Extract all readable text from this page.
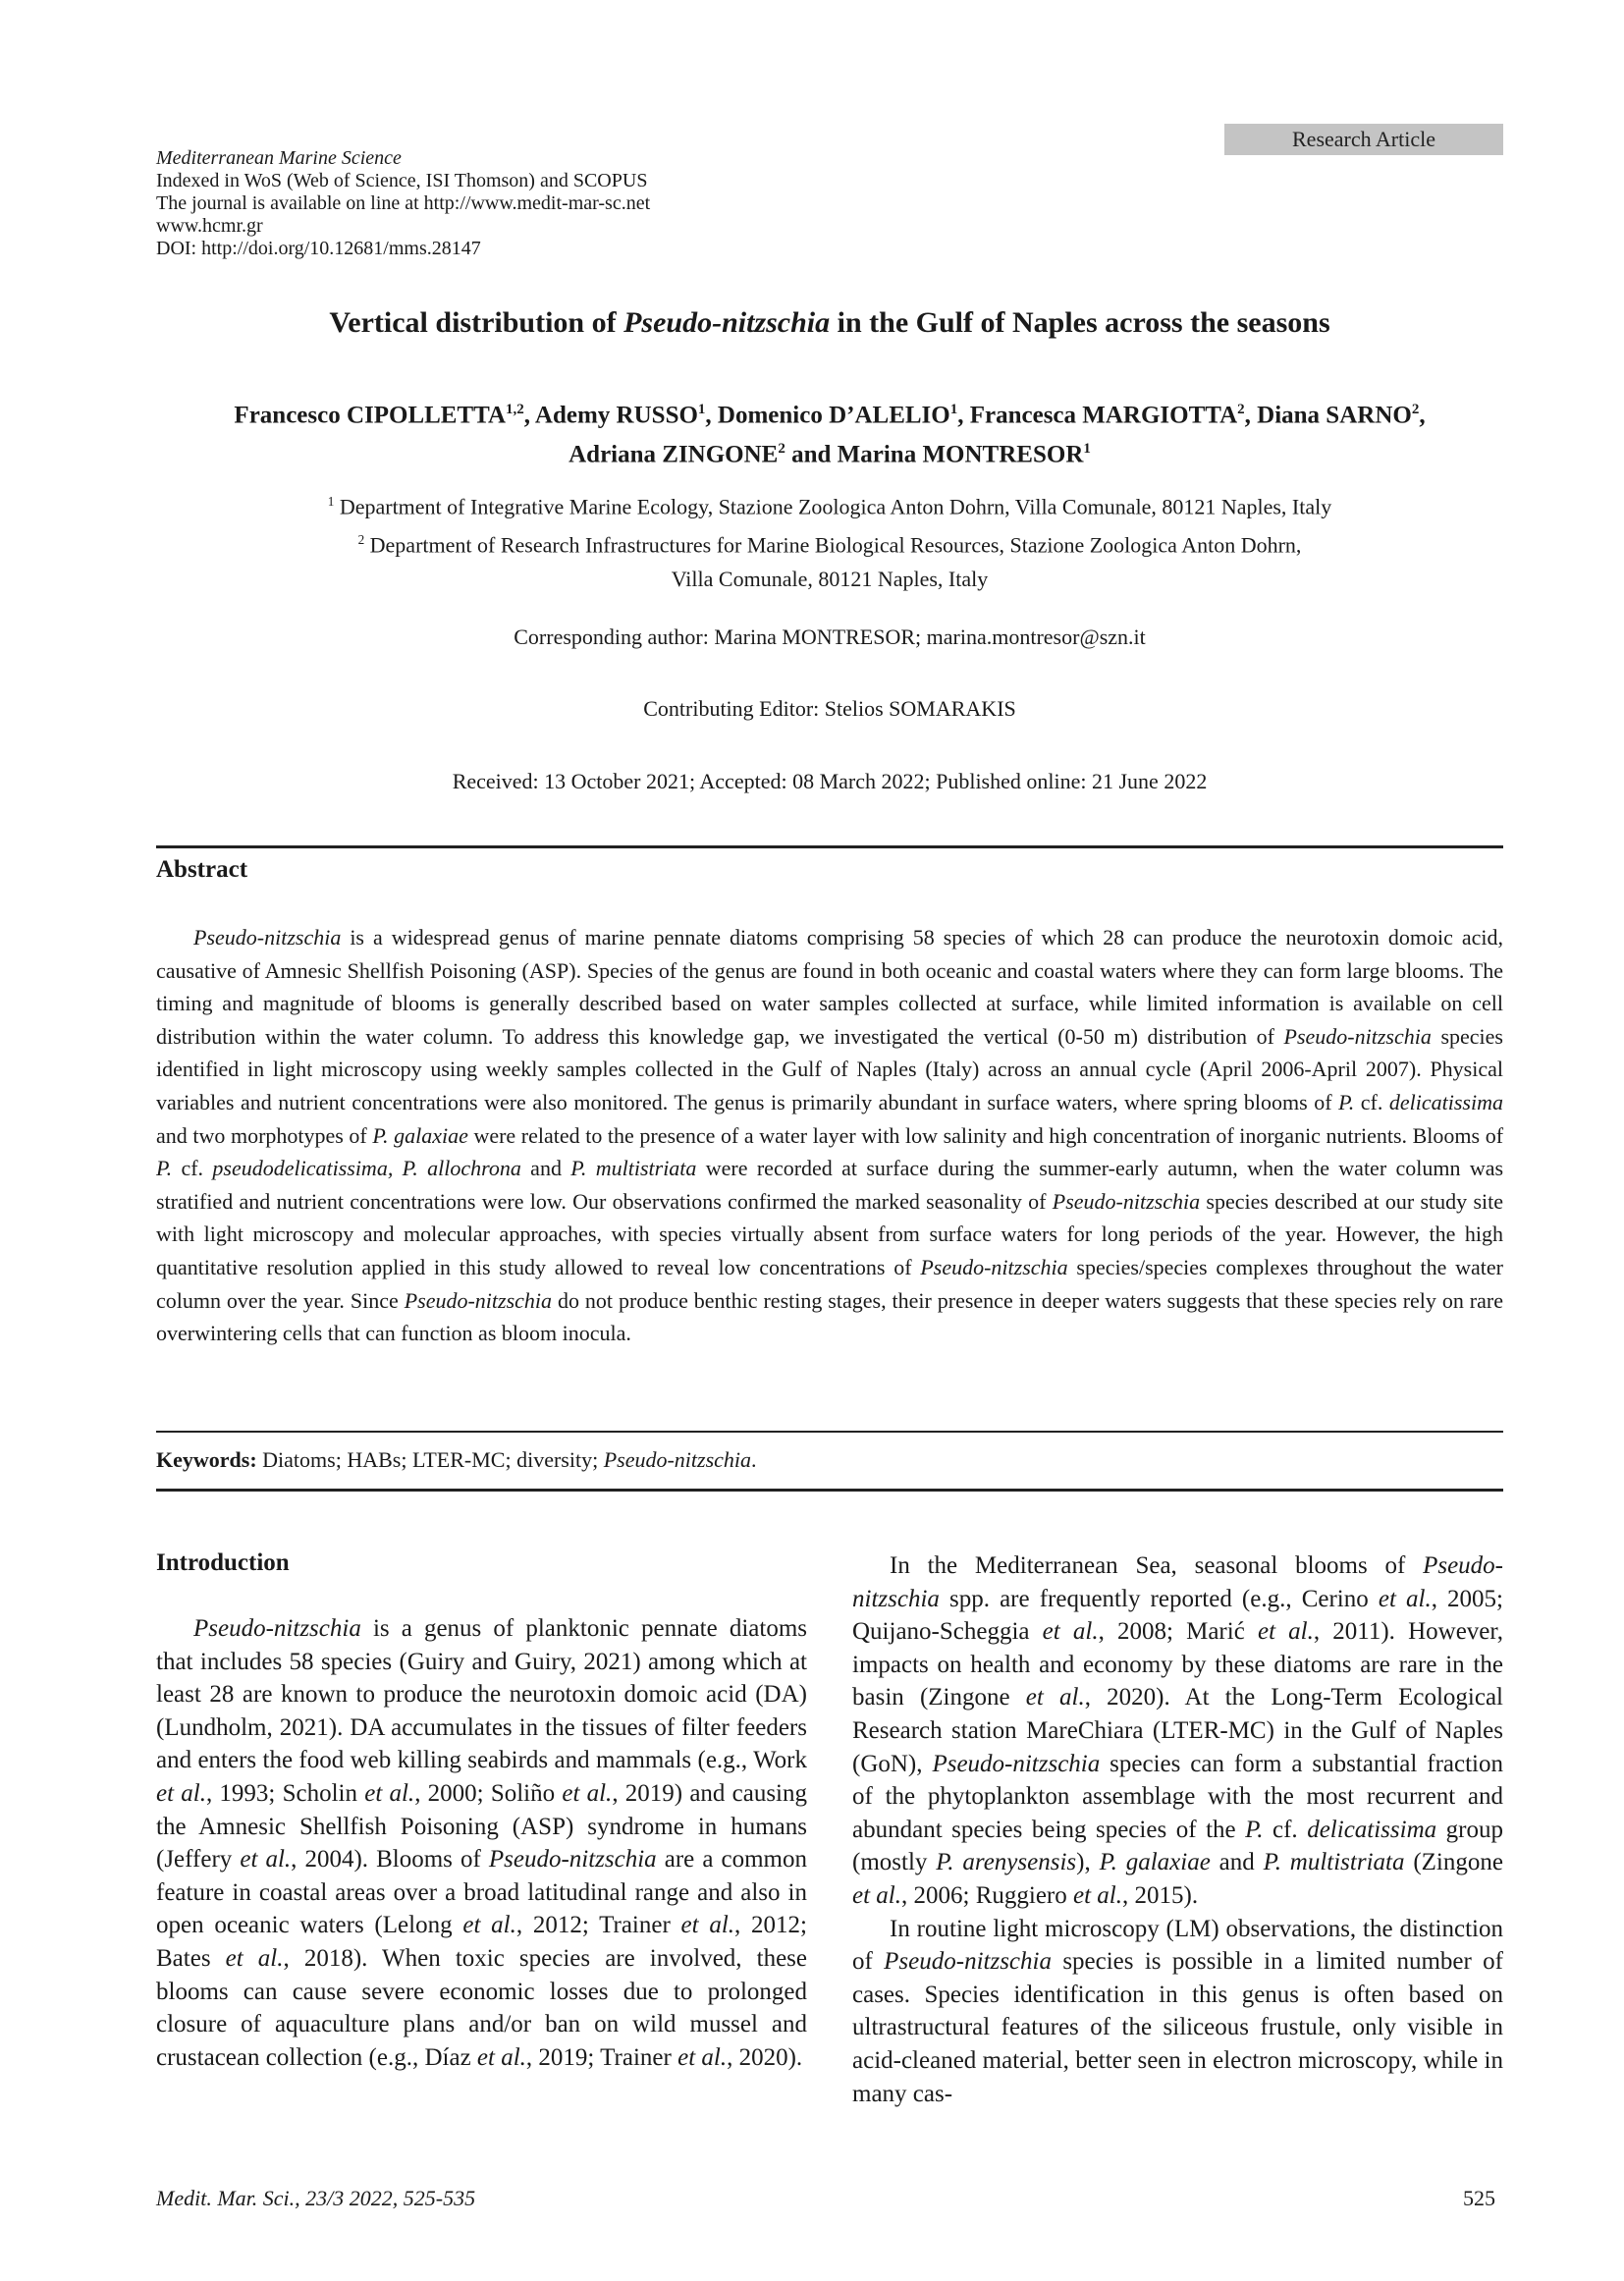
Research Article
Mediterranean Marine Science
Indexed in WoS (Web of Science, ISI Thomson) and SCOPUS
The journal is available on line at http://www.medit-mar-sc.net
www.hcmr.gr
DOI: http://doi.org/10.12681/mms.28147
Vertical distribution of Pseudo-nitzschia in the Gulf of Naples across the seasons
Francesco CIPOLLETTA$^{1,2}$, Ademy RUSSO$^1$, Domenico D’ALELIO$^1$, Francesca MARGIOTTA$^2$, Diana SARNO$^2$,
Adriana ZINGONE$^2$ and Marina MONTRESOR$^1$
$^1$ Department of Integrative Marine Ecology, Stazione Zoologica Anton Dohrn, Villa Comunale, 80121 Naples, Italy
$^2$ Department of Research Infrastructures for Marine Biological Resources, Stazione Zoologica Anton Dohrn,
Villa Comunale, 80121 Naples, Italy
Corresponding author: Marina MONTRESOR; marina.montresor@szn.it
Contributing Editor: Stelios SOMARAKIS
Received: 13 October 2021; Accepted: 08 March 2022; Published online: 21 June 2022
Abstract
Pseudo-nitzschia is a widespread genus of marine pennate diatoms comprising 58 species of which 28 can produce the neurotoxin domoic acid, causative of Amnesic Shellfish Poisoning (ASP). Species of the genus are found in both oceanic and coastal waters where they can form large blooms. The timing and magnitude of blooms is generally described based on water samples collected at surface, while limited information is available on cell distribution within the water column. To address this knowledge gap, we investigated the vertical (0-50 m) distribution of Pseudo-nitzschia species identified in light microscopy using weekly samples collected in the Gulf of Naples (Italy) across an annual cycle (April 2006-April 2007). Physical variables and nutrient concentrations were also monitored. The genus is primarily abundant in surface waters, where spring blooms of P. cf. delicatissima and two morphotypes of P. galaxiae were related to the presence of a water layer with low salinity and high concentration of inorganic nutrients. Blooms of P. cf. pseudodelicatissima, P. allochrona and P. multistriata were recorded at surface during the summer-early autumn, when the water column was stratified and nutrient concentrations were low. Our observations confirmed the marked seasonality of Pseudo-nitzschia species described at our study site with light microscopy and molecular approaches, with species virtually absent from surface waters for long periods of the year. However, the high quantitative resolution applied in this study allowed to reveal low concentrations of Pseudo-nitzschia species/species complexes throughout the water column over the year. Since Pseudo-nitzschia do not produce benthic resting stages, their presence in deeper waters suggests that these species rely on rare overwintering cells that can function as bloom inocula.
Keywords: Diatoms; HABs; LTER-MC; diversity; Pseudo-nitzschia.
Introduction

Pseudo-nitzschia is a genus of planktonic pennate diatoms that includes 58 species (Guiry and Guiry, 2021) among which at least 28 are known to produce the neurotoxin domoic acid (DA) (Lundholm, 2021). DA accumulates in the tissues of filter feeders and enters the food web killing seabirds and mammals (e.g., Work et al., 1993; Scholin et al., 2000; Soliño et al., 2019) and causing the Amnesic Shellfish Poisoning (ASP) syndrome in humans (Jeffery et al., 2004). Blooms of Pseudo-nitzschia are a common feature in coastal areas over a broad latitudinal range and also in open oceanic waters (Lelong et al., 2012; Trainer et al., 2012; Bates et al., 2018). When toxic species are involved, these blooms can cause severe economic losses due to prolonged closure of aquaculture plans and/or ban on wild mussel and crustacean collection (e.g., Díaz et al., 2019; Trainer et al., 2020).

In the Mediterranean Sea, seasonal blooms of Pseudo-nitzschia spp. are frequently reported (e.g., Cerino et al., 2005; Quijano-Scheggia et al., 2008; Marić et al., 2011). However, impacts on health and economy by these diatoms are rare in the basin (Zingone et al., 2020). At the Long-Term Ecological Research station MareChiara (LTER-MC) in the Gulf of Naples (GoN), Pseudo-nitzschia species can form a substantial fraction of the phytoplankton assemblage with the most recurrent and abundant species being species of the P. cf. delicatissima group (mostly P. arenysensis), P. galaxiae and P. multistriata (Zingone et al., 2006; Ruggiero et al., 2015).

In routine light microscopy (LM) observations, the distinction of Pseudo-nitzschia species is possible in a limited number of cases. Species identification in this genus is often based on ultrastructural features of the siliceous frustule, only visible in acid-cleaned material, better seen in electron microscopy, while in many cas-

Medit. Mar. Sci., 23/3 2022, 525-535	525
